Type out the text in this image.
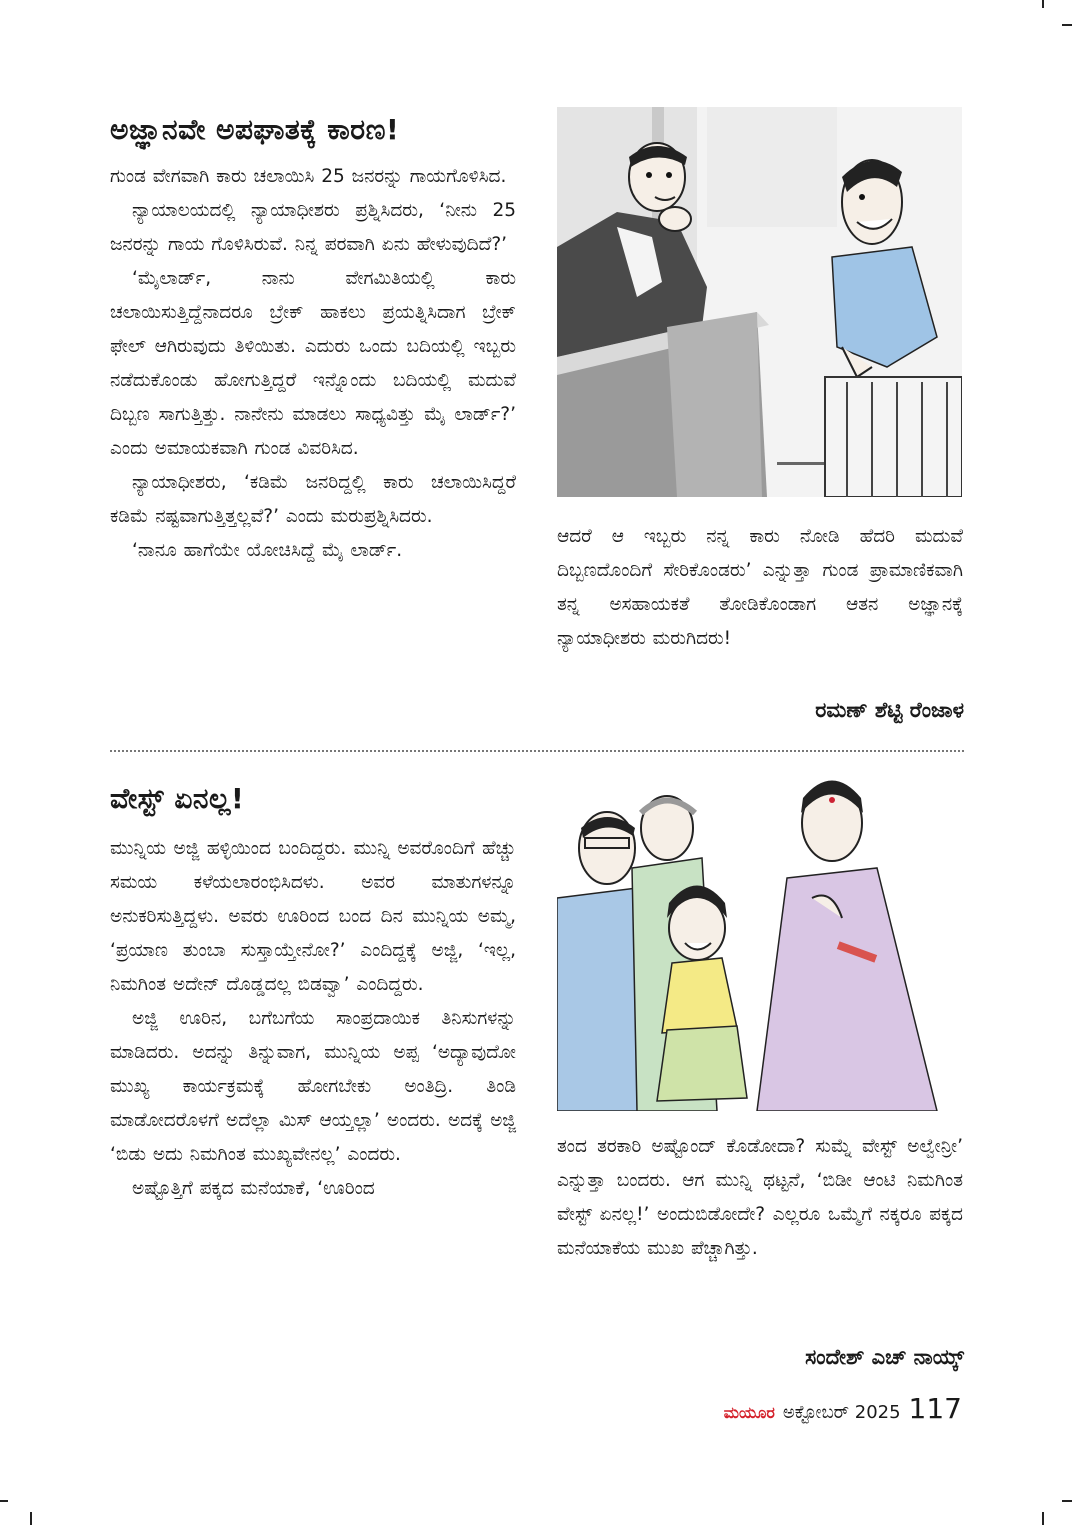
ಅಜ್ಞಾನವೇ ಅಪಘಾತಕ್ಕೆ ಕಾರಣ!

ಗುಂಡ ವೇಗವಾಗಿ ಕಾರು ಚಲಾಯಿಸಿ 25 ಜನರನ್ನು ಗಾಯಗೊಳಿಸಿದ.

ನ್ಯಾಯಾಲಯದಲ್ಲಿ ನ್ಯಾಯಾಧೀಶರು ಪ್ರಶ್ನಿಸಿದರು, ‘ನೀನು 25 ಜನರನ್ನು ಗಾಯ ಗೊಳಿಸಿರುವೆ. ನಿನ್ನ ಪರವಾಗಿ ಏನು ಹೇಳುವುದಿದೆ?’

‘ಮೈಲಾರ್ಡ್, ನಾನು ವೇಗಮಿತಿಯಲ್ಲಿ ಕಾರು ಚಲಾಯಿಸುತ್ತಿದ್ದೆನಾದರೂ ಬ್ರೇಕ್ ಹಾಕಲು ಪ್ರಯತ್ನಿಸಿದಾಗ ಬ್ರೇಕ್ ಫೇಲ್ ಆಗಿರುವುದು ತಿಳಿಯಿತು. ಎದುರು ಒಂದು ಬದಿಯಲ್ಲಿ ಇಬ್ಬರು ನಡೆದುಕೊಂಡು ಹೋಗುತ್ತಿದ್ದರೆ ಇನ್ನೊಂದು ಬದಿಯಲ್ಲಿ ಮದುವೆ ದಿಬ್ಬಣ ಸಾಗುತ್ತಿತ್ತು. ನಾನೇನು ಮಾಡಲು ಸಾಧ್ಯವಿತ್ತು ಮೈ ಲಾರ್ಡ್?’ ಎಂದು ಅಮಾಯಕವಾಗಿ ಗುಂಡ ವಿವರಿಸಿದ.

ನ್ಯಾಯಾಧೀಶರು, ‘ಕಡಿಮೆ ಜನರಿದ್ದಲ್ಲಿ ಕಾರು ಚಲಾಯಿಸಿದ್ದರೆ ಕಡಿಮೆ ನಷ್ಟವಾಗುತ್ತಿತ್ತಲ್ಲವೆ?’ ಎಂದು ಮರುಪ್ರಶ್ನಿಸಿದರು.

‘ನಾನೂ ಹಾಗೆಯೇ ಯೋಚಿಸಿದ್ದೆ ಮೈ ಲಾರ್ಡ್.

ಆದರೆ ಆ ಇಬ್ಬರು ನನ್ನ ಕಾರು ನೋಡಿ ಹೆದರಿ ಮದುವೆ ದಿಬ್ಬಣದೊಂದಿಗೆ ಸೇರಿಕೊಂಡರು’ ಎನ್ನುತ್ತಾ ಗುಂಡ ಪ್ರಾಮಾಣಿಕವಾಗಿ ತನ್ನ ಅಸಹಾಯಕತೆ ತೋಡಿಕೊಂಡಾಗ ಆತನ ಅಜ್ಞಾನಕ್ಕೆ ನ್ಯಾಯಾಧೀಶರು ಮರುಗಿದರು!

ರಮಣ್ ಶೆಟ್ಟಿ ರೆಂಜಾಳ
ವೇಸ್ಟ್ ಏನಲ್ಲ!

ಮುನ್ನಿಯ ಅಜ್ಜಿ ಹಳ್ಳಿಯಿಂದ ಬಂದಿದ್ದರು. ಮುನ್ನಿ ಅವರೊಂದಿಗೆ ಹೆಚ್ಚು ಸಮಯ ಕಳೆಯಲಾರಂಭಿಸಿದಳು. ಅವರ ಮಾತುಗಳನ್ನೂ ಅನುಕರಿಸುತ್ತಿದ್ದಳು. ಅವರು ಊರಿಂದ ಬಂದ ದಿನ ಮುನ್ನಿಯ ಅಮ್ಮ, ‘ಪ್ರಯಾಣ ತುಂಬಾ ಸುಸ್ತಾಯ್ತೇನೋ?’ ಎಂದಿದ್ದಕ್ಕೆ ಅಜ್ಜಿ, ‘ಇಲ್ಲ, ನಿಮಗಿಂತ ಅದೇನ್ ದೊಡ್ಡದಲ್ಲ ಬಿಡವ್ವಾ’ ಎಂದಿದ್ದರು.

ಅಜ್ಜಿ ಊರಿನ, ಬಗೆಬಗೆಯ ಸಾಂಪ್ರದಾಯಿಕ ತಿನಿಸುಗಳನ್ನು ಮಾಡಿದರು. ಅದನ್ನು ತಿನ್ನುವಾಗ, ಮುನ್ನಿಯ ಅಪ್ಪ ‘ಅದ್ಯಾವುದೋ ಮುಖ್ಯ ಕಾರ್ಯಕ್ರಮಕ್ಕೆ ಹೋಗಬೇಕು ಅಂತಿದ್ರಿ. ತಿಂಡಿ ಮಾಡೋದರೊಳಗೆ ಅದೆಲ್ಲಾ ಮಿಸ್ ಆಯ್ತಲ್ಲಾ’ ಅಂದರು. ಅದಕ್ಕೆ ಅಜ್ಜಿ ‘ಬಿಡು ಅದು ನಿಮಗಿಂತ ಮುಖ್ಯವೇನಲ್ಲ’ ಎಂದರು.

ಅಷ್ಟೊತ್ತಿಗೆ ಪಕ್ಕದ ಮನೆಯಾಕೆ, ‘ಊರಿಂದ

ತಂದ ತರಕಾರಿ ಅಷ್ಟೊಂದ್ ಕೊಡೋದಾ? ಸುಮ್ನೆ ವೇಸ್ಟ್ ಅಲ್ವೇನ್ರೀ’ ಎನ್ನುತ್ತಾ ಬಂದರು. ಆಗ ಮುನ್ನಿ ಥಟ್ಟನೆ, ‘ಬಿಡೀ ಆಂಟಿ ನಿಮಗಿಂತ ವೇಸ್ಟ್ ಏನಲ್ಲ!’ ಅಂದುಬಿಡೋದೇ? ಎಲ್ಲರೂ ಒಮ್ಮೆಗೆ ನಕ್ಕರೂ ಪಕ್ಕದ ಮನೆಯಾಕೆಯ ಮುಖ ಪೆಚ್ಚಾಗಿತ್ತು.

ಸಂದೇಶ್ ಎಚ್ ನಾಯ್ಕ್
ಮಯೂರ ಅಕ್ಟೋಬರ್ 2025 117
